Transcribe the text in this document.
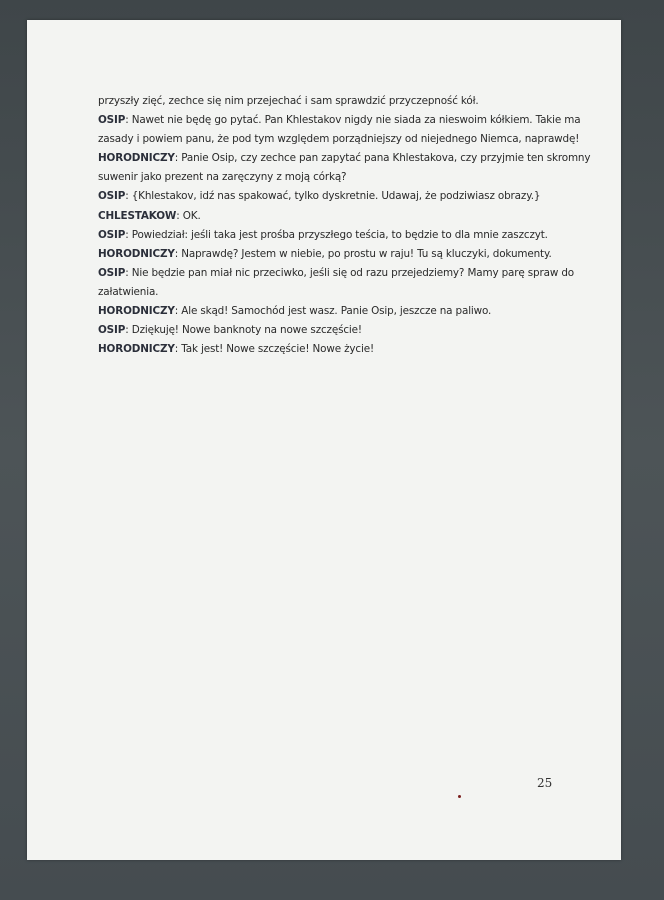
przyszły zięć, zechce się nim przejechać i sam sprawdzić przyczepność kół.
OSIP: Nawet nie będę go pytać. Pan Khlestakov nigdy nie siada za nieswoim kółkiem. Takie ma
zasady i powiem panu, że pod tym względem porządniejszy od niejednego Niemca, naprawdę!
HORODNICZY: Panie Osip, czy zechce pan zapytać pana Khlestakova, czy przyjmie ten skromny
suwenir jako prezent na zaręczyny z moją córką?
OSIP: {Khlestakov, idź nas spakować, tylko dyskretnie. Udawaj, że podziwiasz obrazy.}
CHLESTAKOW: OK.
OSIP: Powiedział: jeśli taka jest prośba przyszłego teścia, to będzie to dla mnie zaszczyt.
HORODNICZY: Naprawdę? Jestem w niebie, po prostu w raju! Tu są kluczyki, dokumenty.
OSIP: Nie będzie pan miał nic przeciwko, jeśli się od razu przejedziemy? Mamy parę spraw do
załatwienia.
HORODNICZY: Ale skąd! Samochód jest wasz. Panie Osip, jeszcze na paliwo.
OSIP: Dziękuję! Nowe banknoty na nowe szczęście!
HORODNICZY: Tak jest! Nowe szczęście! Nowe życie!
25
